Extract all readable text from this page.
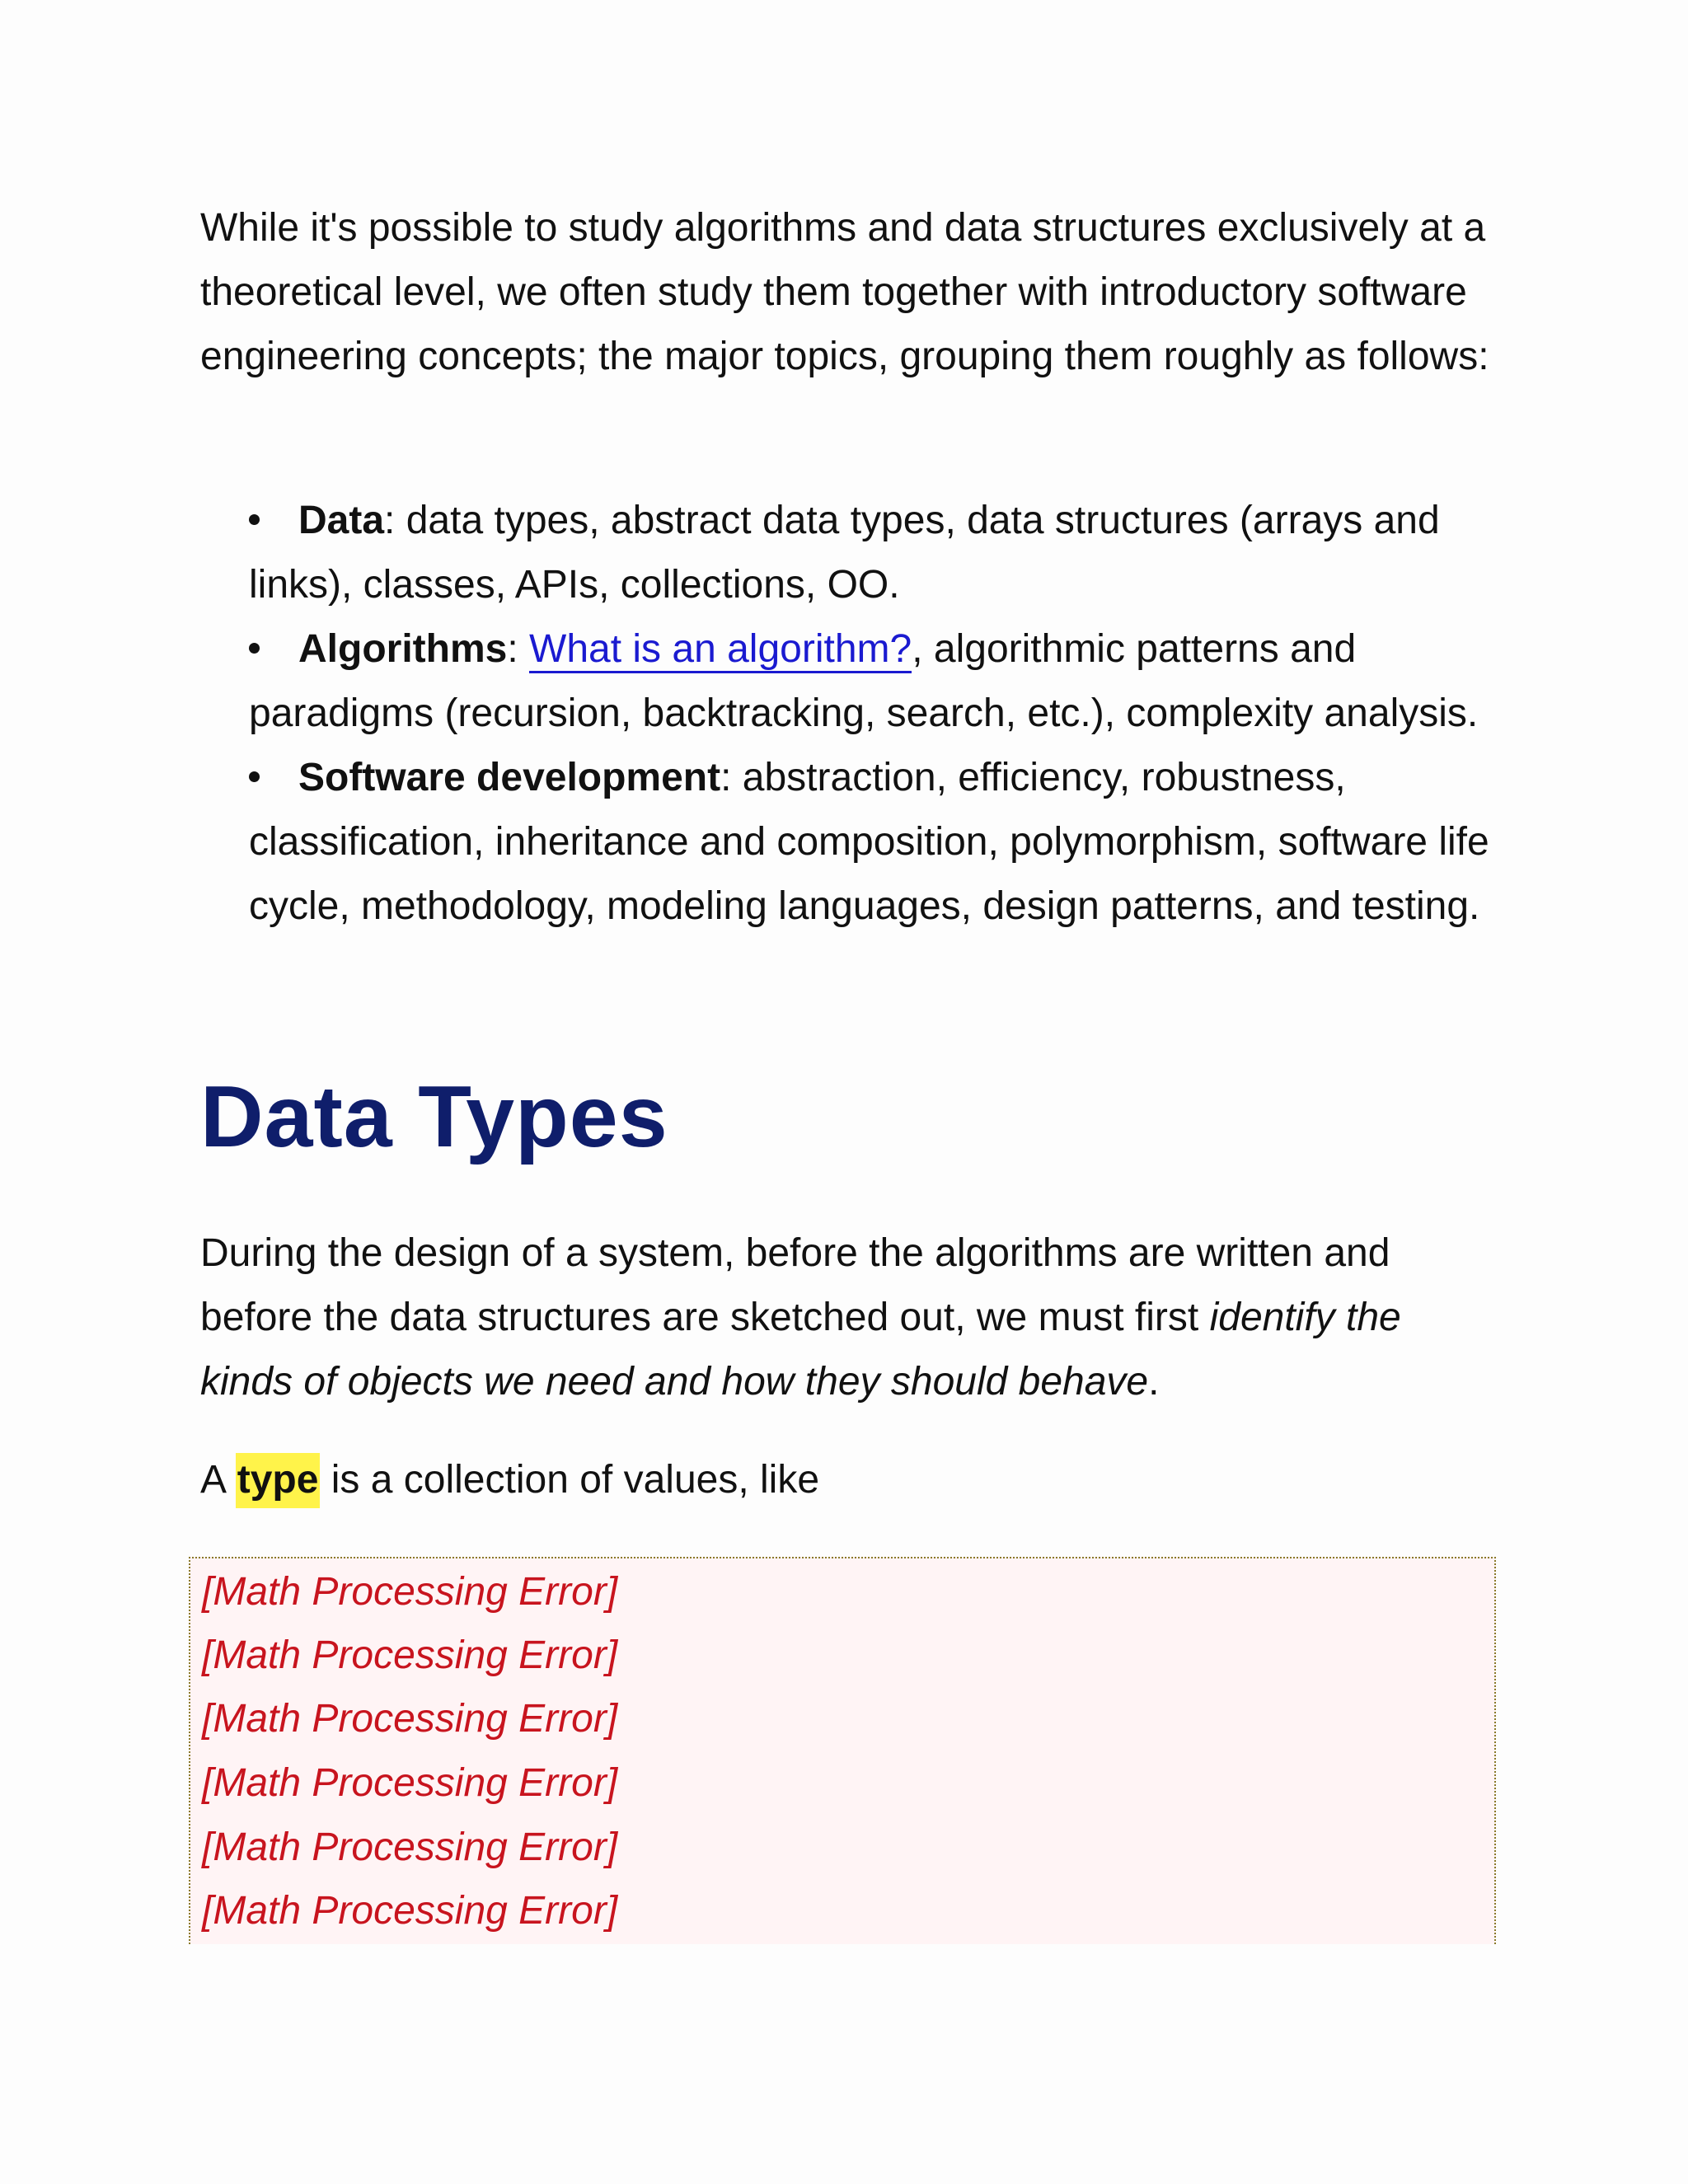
While it's possible to study algorithms and data structures exclusively at a theoretical level, we often study them together with introductory software engineering concepts; the major topics, grouping them roughly as follows:

Data: data types, abstract data types, data structures (arrays and links), classes, APIs, collections, OO.
Algorithms: What is an algorithm?, algorithmic patterns and paradigms (recursion, backtracking, search, etc.), complexity analysis.
Software development: abstraction, efficiency, robustness, classification, inheritance and composition, polymorphism, software life cycle, methodology, modeling languages, design patterns, and testing.
Data Types

During the design of a system, before the algorithms are written and before the data structures are sketched out, we must first identify the kinds of objects we need and how they should behave.

A type is a collection of values, like

[Math Processing Error]
[Math Processing Error]
[Math Processing Error]
[Math Processing Error]
[Math Processing Error]
[Math Processing Error]
